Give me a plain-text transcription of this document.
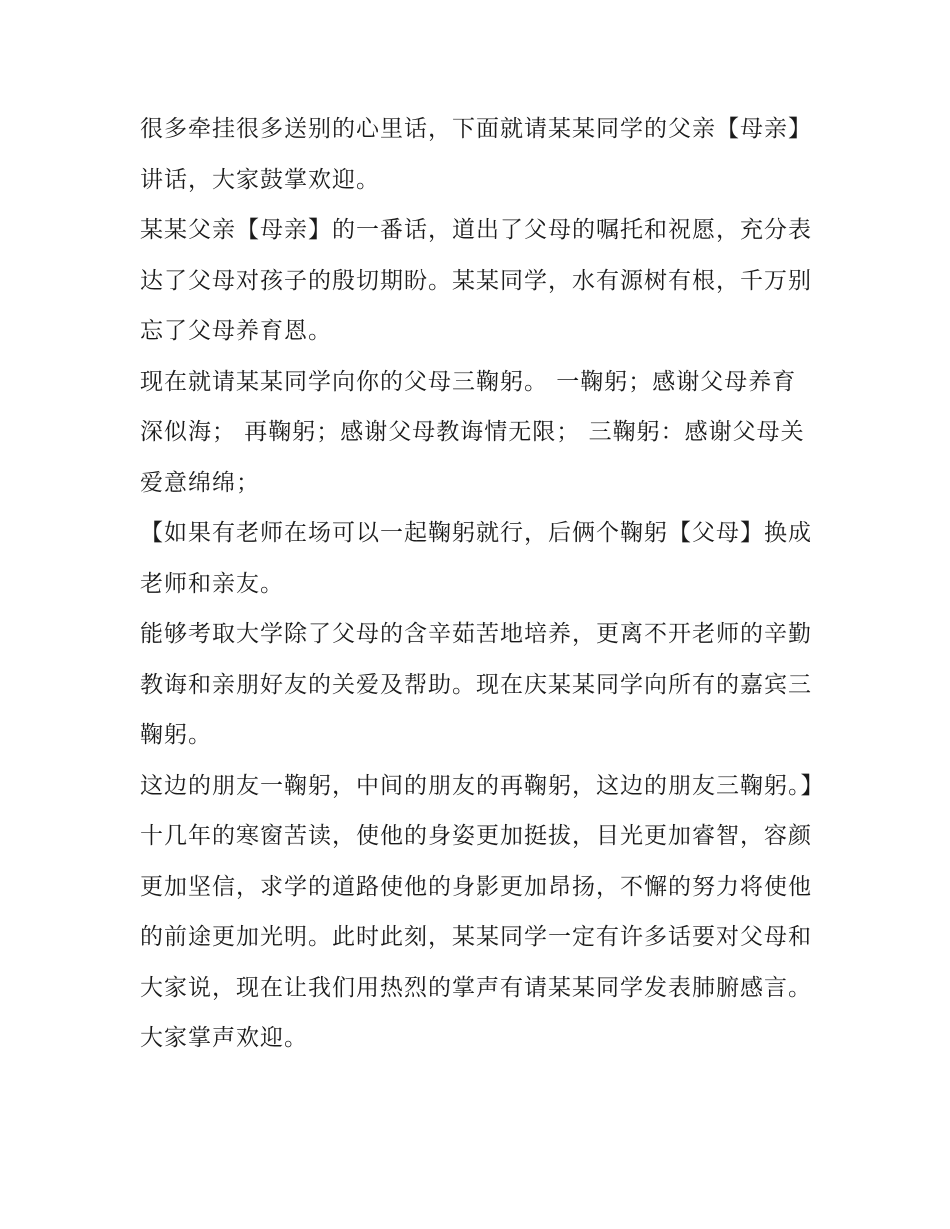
很多牵挂很多送别的心里话，下面就请某某同学的父亲【母亲】讲话，大家鼓掌欢迎。

某某父亲【母亲】的一番话，道出了父母的嘱托和祝愿，充分表达了父母对孩子的殷切期盼。某某同学，水有源树有根，千万别忘了父母养育恩。

现在就请某某同学向你的父母三鞠躬。 一鞠躬；感谢父母养育深似海； 再鞠躬；感谢父母教诲情无限； 三鞠躬：感谢父母关爱意绵绵；

【如果有老师在场可以一起鞠躬就行，后俩个鞠躬【父母】换成老师和亲友。

能够考取大学除了父母的含辛茹苦地培养，更离不开老师的辛勤教诲和亲朋好友的关爱及帮助。现在庆某某同学向所有的嘉宾三鞠躬。

这边的朋友一鞠躬，中间的朋友的再鞠躬，这边的朋友三鞠躬。】

十几年的寒窗苦读，使他的身姿更加挺拔，目光更加睿智，容颜更加坚信，求学的道路使他的身影更加昂扬，不懈的努力将使他的前途更加光明。此时此刻，某某同学一定有许多话要对父母和大家说，现在让我们用热烈的掌声有请某某同学发表肺腑感言。大家掌声欢迎。
